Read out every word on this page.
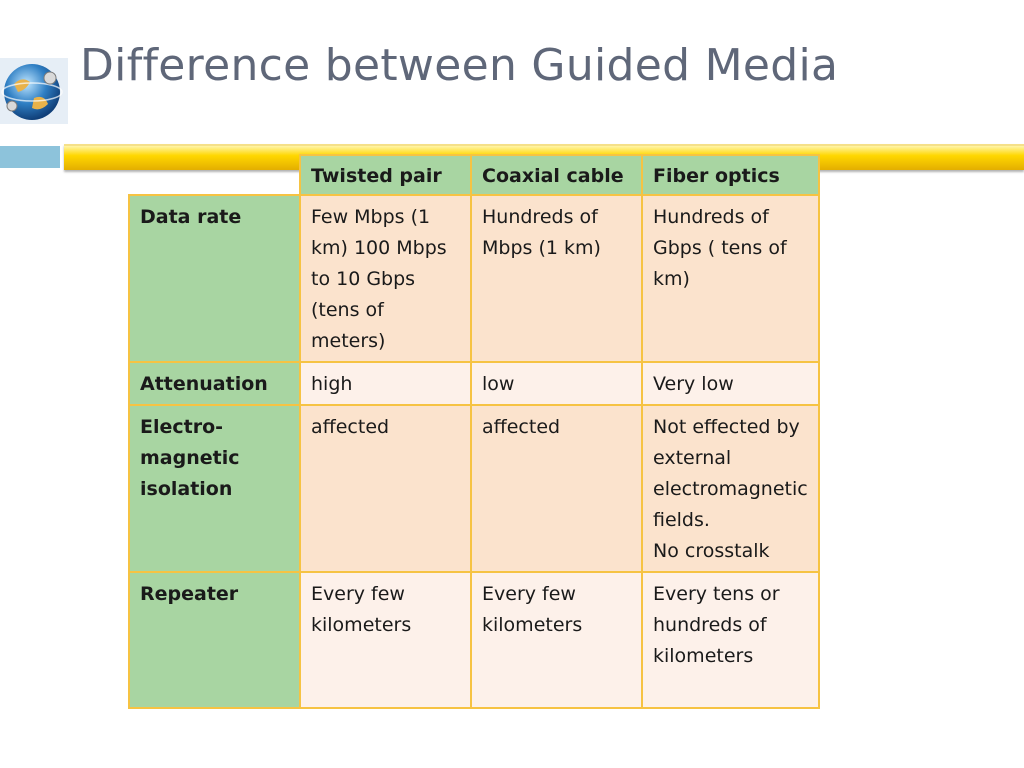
Difference between Guided Media
	Twisted pair	Coaxial cable	Fiber optics
Data rate	Few Mbps (1 km) 100 Mbps to 10 Gbps (tens of meters)	Hundreds of Mbps (1 km)	Hundreds of Gbps ( tens of km)
Attenuation	high	low	Very low
Electro-magnetic isolation	affected	affected	Not effected by external electromagnetic fields.
No crosstalk
Repeater	Every few kilometers	Every few kilometers	Every tens or hundreds of kilometers
